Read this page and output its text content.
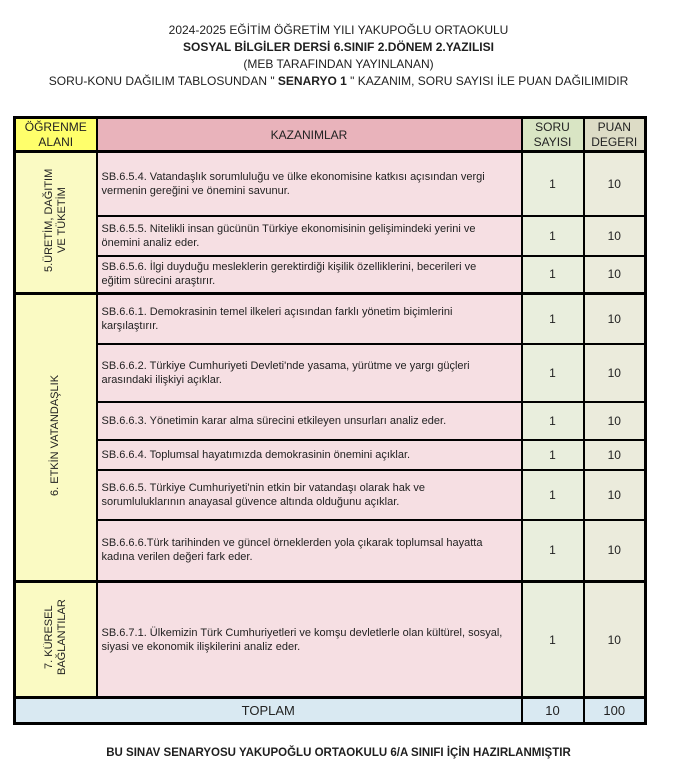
2024-2025 EĞİTİM ÖĞRETİM YILI YAKUPOĞLU ORTAOKULU
SOSYAL BİLGİLER DERSİ 6.SINIF 2.DÖNEM 2.YAZILISI
(MEB TARAFINDAN YAYINLANAN)
SORU-KONU DAĞILIM TABLOSUNDAN " SENARYO 1 " KAZANIM, SORU SAYISI İLE PUAN DAĞILIMIDIR
ÖĞRENME ALANI	KAZANIMLAR	SORU SAYISI	PUAN DEGERI
5.ÜRETİM, DAĞITIM VE TÜKETİM	SB.6.5.4. Vatandaşlık sorumluluğu ve ülke ekonomisine katkısı açısından vergi vermenin gereğini ve önemini savunur.	1	10
	SB.6.5.5. Nitelikli insan gücünün Türkiye ekonomisinin gelişimindeki yerini ve önemini analiz eder.	1	10
	SB.6.5.6. İlgi duyduğu mesleklerin gerektirdiği kişilik özelliklerini, becerileri ve eğitim sürecini araştırır.	1	10
6. ETKİN VATANDAŞLIK	SB.6.6.1. Demokrasinin temel ilkeleri açısından farklı yönetim biçimlerini karşılaştırır.	1	10
	SB.6.6.2. Türkiye Cumhuriyeti Devleti'nde yasama, yürütme ve yargı güçleri arasındaki ilişkiyi açıklar.	1	10
	SB.6.6.3. Yönetimin karar alma sürecini etkileyen unsurları analiz eder.	1	10
	SB.6.6.4. Toplumsal hayatımızda demokrasinin önemini açıklar.	1	10
	SB.6.6.5. Türkiye Cumhuriyeti'nin etkin bir vatandaşı olarak hak ve sorumluluklarının anayasal güvence altında olduğunu açıklar.	1	10
	SB.6.6.6.Türk tarihinden ve güncel örneklerden yola çıkarak toplumsal hayatta kadına verilen değeri fark eder.	1	10
7. KÜRESEL BAĞLANTILAR	SB.6.7.1. Ülkemizin Türk Cumhuriyetleri ve komşu devletlerle olan kültürel, sosyal, siyasi ve ekonomik ilişkilerini analiz eder.	1	10
TOPLAM		10	100
BU SINAV SENARYOSU YAKUPOĞLU ORTAOKULU 6/A SINIFI İÇİN HAZIRLANMIŞTIR
